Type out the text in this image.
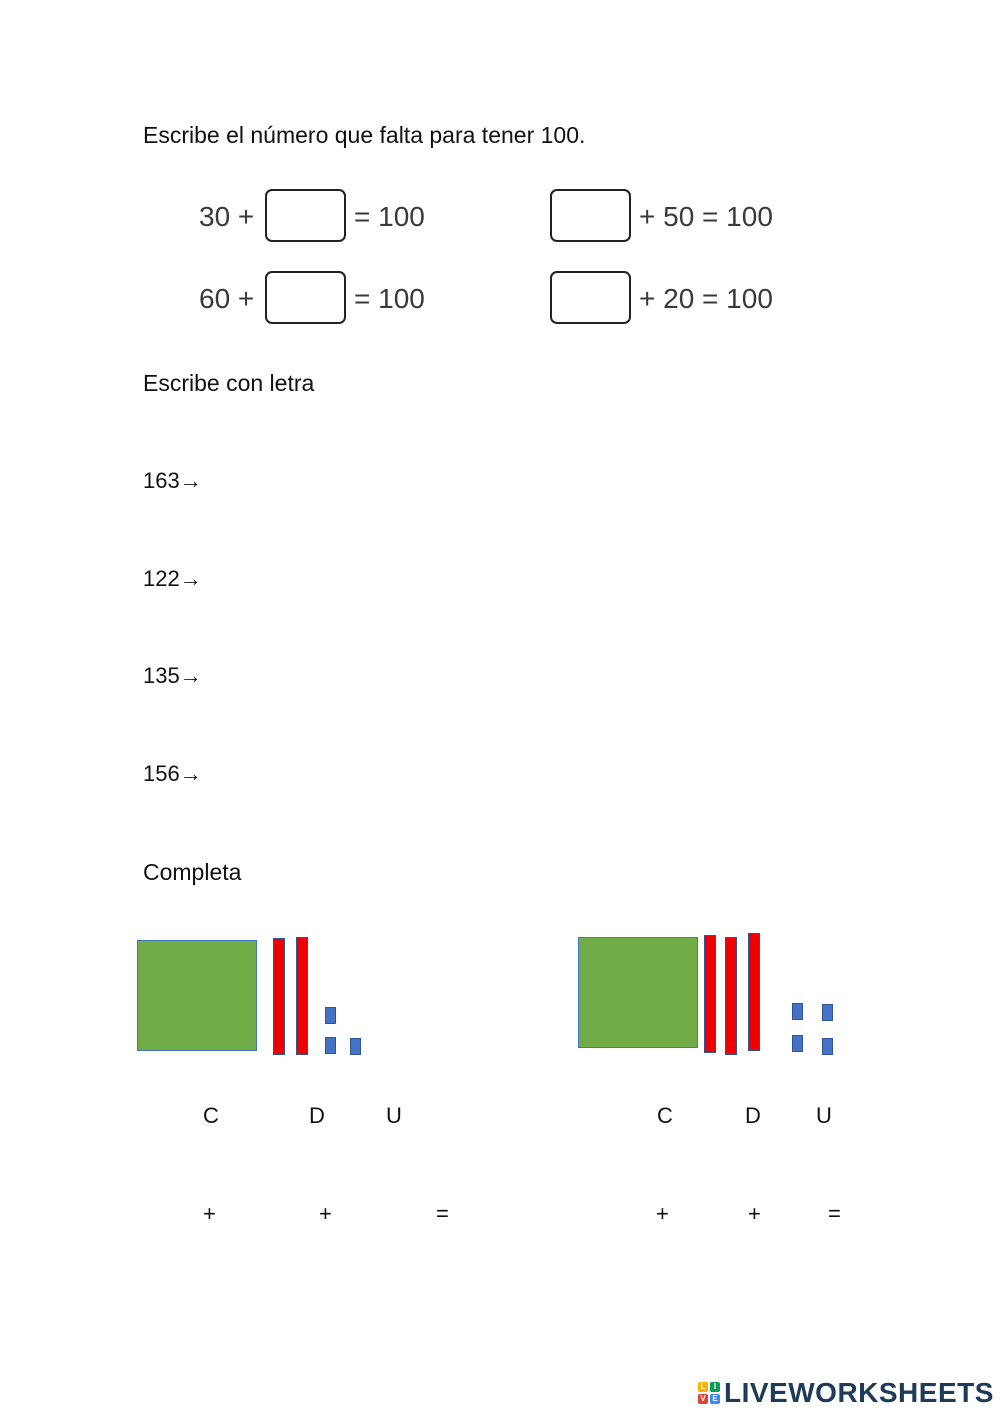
Escribe el número que falta para tener 100.
30 +	= 100	+ 50 = 100
60 +	= 100	+ 20 = 100
Escribe con letra
163→
122→
135→
156→
Completa
C	D	U
+	+	=
C	D	U
+	+	=
L	I
V E LIVEWORKSHEETS
